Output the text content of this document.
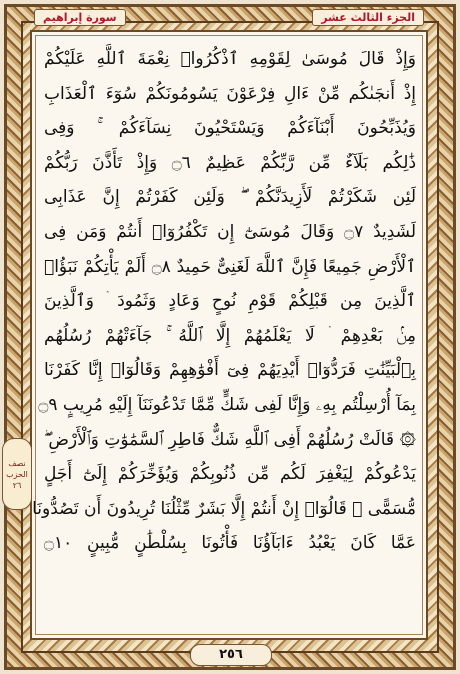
الجزء الثالث عشر
سورة إبراهيم
وَإِذْ قَالَ مُوسَىٰ لِقَوْمِهِ ٱذْكُرُوا۟ نِعْمَةَ ٱللَّهِ عَلَيْكُمْ
إِذْ أَنجَىٰكُم مِّنْ ءَالِ فِرْعَوْنَ يَسُومُونَكُمْ سُوٓءَ ٱلْعَذَابِ
وَيُذَبِّحُونَ أَبْنَآءَكُمْ وَيَسْتَحْيُونَ نِسَآءَكُمْ ۚ وَفِى
ذَٰلِكُم بَلَآءٌ مِّن رَّبِّكُمْ عَظِيمٌ ۝٦ وَإِذْ تَأَذَّنَ رَبُّكُمْ
لَئِن شَكَرْتُمْ لَأَزِيدَنَّكُمْ ۖ وَلَئِن كَفَرْتُمْ إِنَّ عَذَابِى
لَشَدِيدٌ ۝٧ وَقَالَ مُوسَىٰٓ إِن تَكْفُرُوٓا۟ أَنتُمْ وَمَن فِى
ٱلْأَرْضِ جَمِيعًا فَإِنَّ ٱللَّهَ لَغَنِىٌّ حَمِيدٌ ۝٨ أَلَمْ يَأْتِكُمْ نَبَؤُا۟
ٱلَّذِينَ مِن قَبْلِكُمْ قَوْمِ نُوحٍ وَعَادٍ وَثَمُودَ ۛ وَٱلَّذِينَ
مِنۢ بَعْدِهِمْ ۛ لَا يَعْلَمُهُمْ إِلَّا ٱللَّهُ ۚ جَآءَتْهُمْ رُسُلُهُم
بِٱلْبَيِّنَٰتِ فَرَدُّوٓا۟ أَيْدِيَهُمْ فِىٓ أَفْوَٰهِهِمْ وَقَالُوٓا۟ إِنَّا كَفَرْنَا
بِمَآ أُرْسِلْتُم بِهِۦ وَإِنَّا لَفِى شَكٍّ مِّمَّا تَدْعُونَنَآ إِلَيْهِ مُرِيبٍ ۝٩
۞ قَالَتْ رُسُلُهُمْ أَفِى ٱللَّهِ شَكٌّ فَاطِرِ ٱلسَّمَٰوَٰتِ وَٱلْأَرْضِ ۖ
يَدْعُوكُمْ لِيَغْفِرَ لَكُم مِّن ذُنُوبِكُمْ وَيُؤَخِّرَكُمْ إِلَىٰٓ أَجَلٍ
مُّسَمًّى ۚ قَالُوٓا۟ إِنْ أَنتُمْ إِلَّا بَشَرٌ مِّثْلُنَا تُرِيدُونَ أَن تَصُدُّونَا
عَمَّا كَانَ يَعْبُدُ ءَابَآؤُنَا فَأْتُونَا بِسُلْطَٰنٍ مُّبِينٍ ۝١٠
نصف
الحزب
٢٦
٢٥٦
